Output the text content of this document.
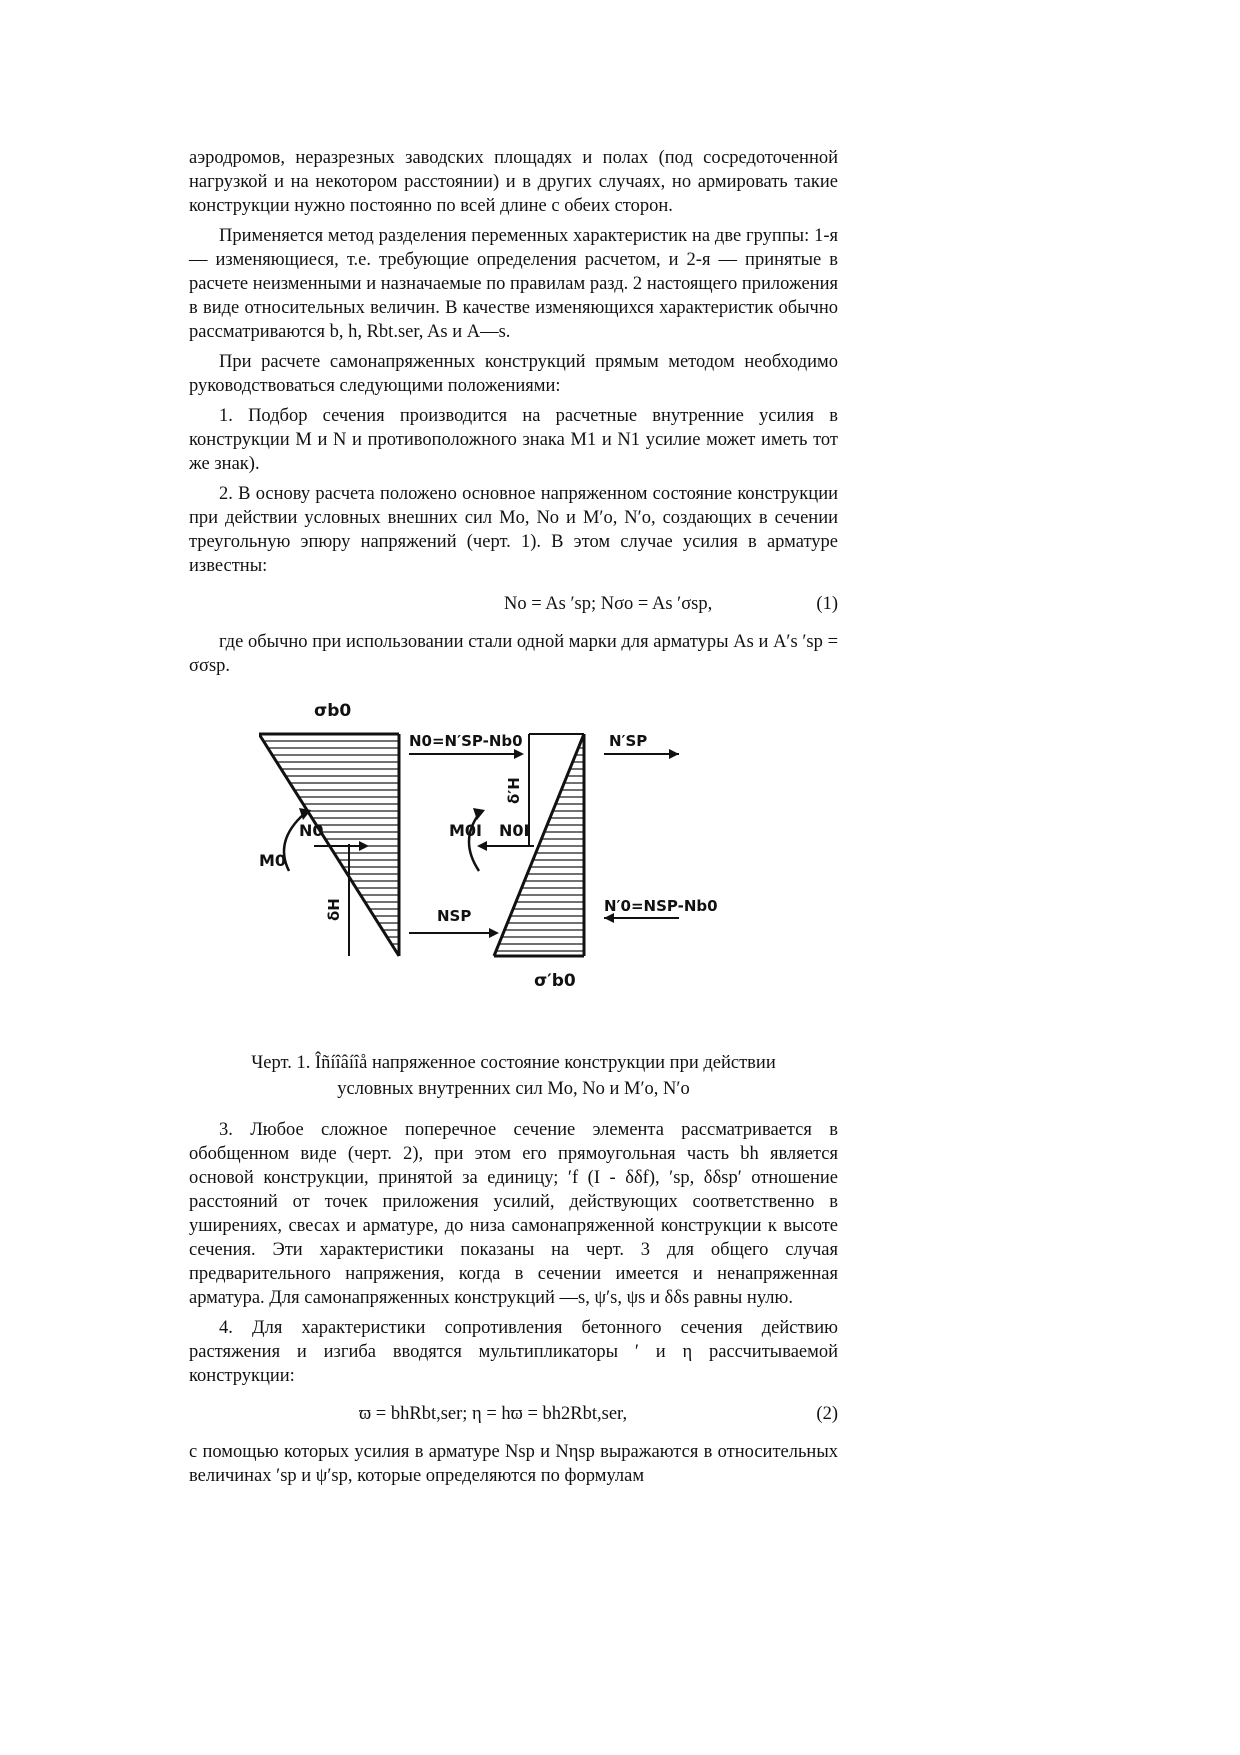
аэродромов, неразрезных заводских площадях и полах (под сосредоточенной нагрузкой и на некотором расстоянии) и в других случаях, но армировать такие конструкции нужно постоянно по всей длине с обеих сторон.

Применяется метод разделения переменных характеристик на две группы: 1-я — изменяющиеся, т.е. требующие определения расчетом, и 2-я — принятые в расчете неизменными и назначаемые по правилам разд. 2 настоящего приложения в виде относительных величин. В качестве изменяющихся характеристик обычно рассматриваются b, h, Rbt.ser, As и A—s.

При расчете самонапряженных конструкций прямым методом необходимо руководствоваться следующими положениями:

1. Подбор сечения производится на расчетные внутренние усилия в конструкции M и N и противоположного знака M1 и N1 усилие может иметь тот же знак).

2. В основу расчета положено основное напряженном состояние конструкции при действии условных внешних сил Mo, No и M′o, N′o, создающих в сечении треугольную эпюру напряжений (черт. 1). В этом случае усилия в арматуре известны:

No = As ′sp; Nσo = As ′σsp,	(1)

где обычно при использовании стали одной марки для арматуры As и A′s ′sp = σσsp.

σb0
N0=N′SP-Nb0	N′SP
δ′H
M0
N0	M0I N0I
δH	NSP
N′0=NSP-Nb0
σ′b0
Черт. 1. Îñíîâíîå напряженное состояние конструкции при действии
условных внутренних сил Mo, No и M′o, N′o

3. Любое сложное поперечное сечение элемента рассматривается в обобщенном виде (черт. 2), при этом его прямоугольная часть bh является основой конструкции, принятой за единицу; ′f (I - δδf), ′sp, δδsp′ отношение расстояний от точек приложения усилий, действующих соответственно в уширениях, свесах и арматуре, до низа самонапряженной конструкции к высоте сечения. Эти характеристики показаны на черт. 3 для общего случая предварительного напряжения, когда в сечении имеется и ненапряженная арматура. Для самонапряженных конструкций —s, ψ′s, ψs и δδs равны нулю.

4. Для характеристики сопротивления бетонного сечения действию растяжения и изгиба вводятся мультипликаторы ′ и η рассчитываемой конструкции:

ϖ = bhRbt,ser; η = hϖ = bh2Rbt,ser,	(2)

с помощью которых усилия в арматуре Nsp и Nηsp выражаются в относительных величинах ′sp и ψ′sp, которые определяются по формулам
